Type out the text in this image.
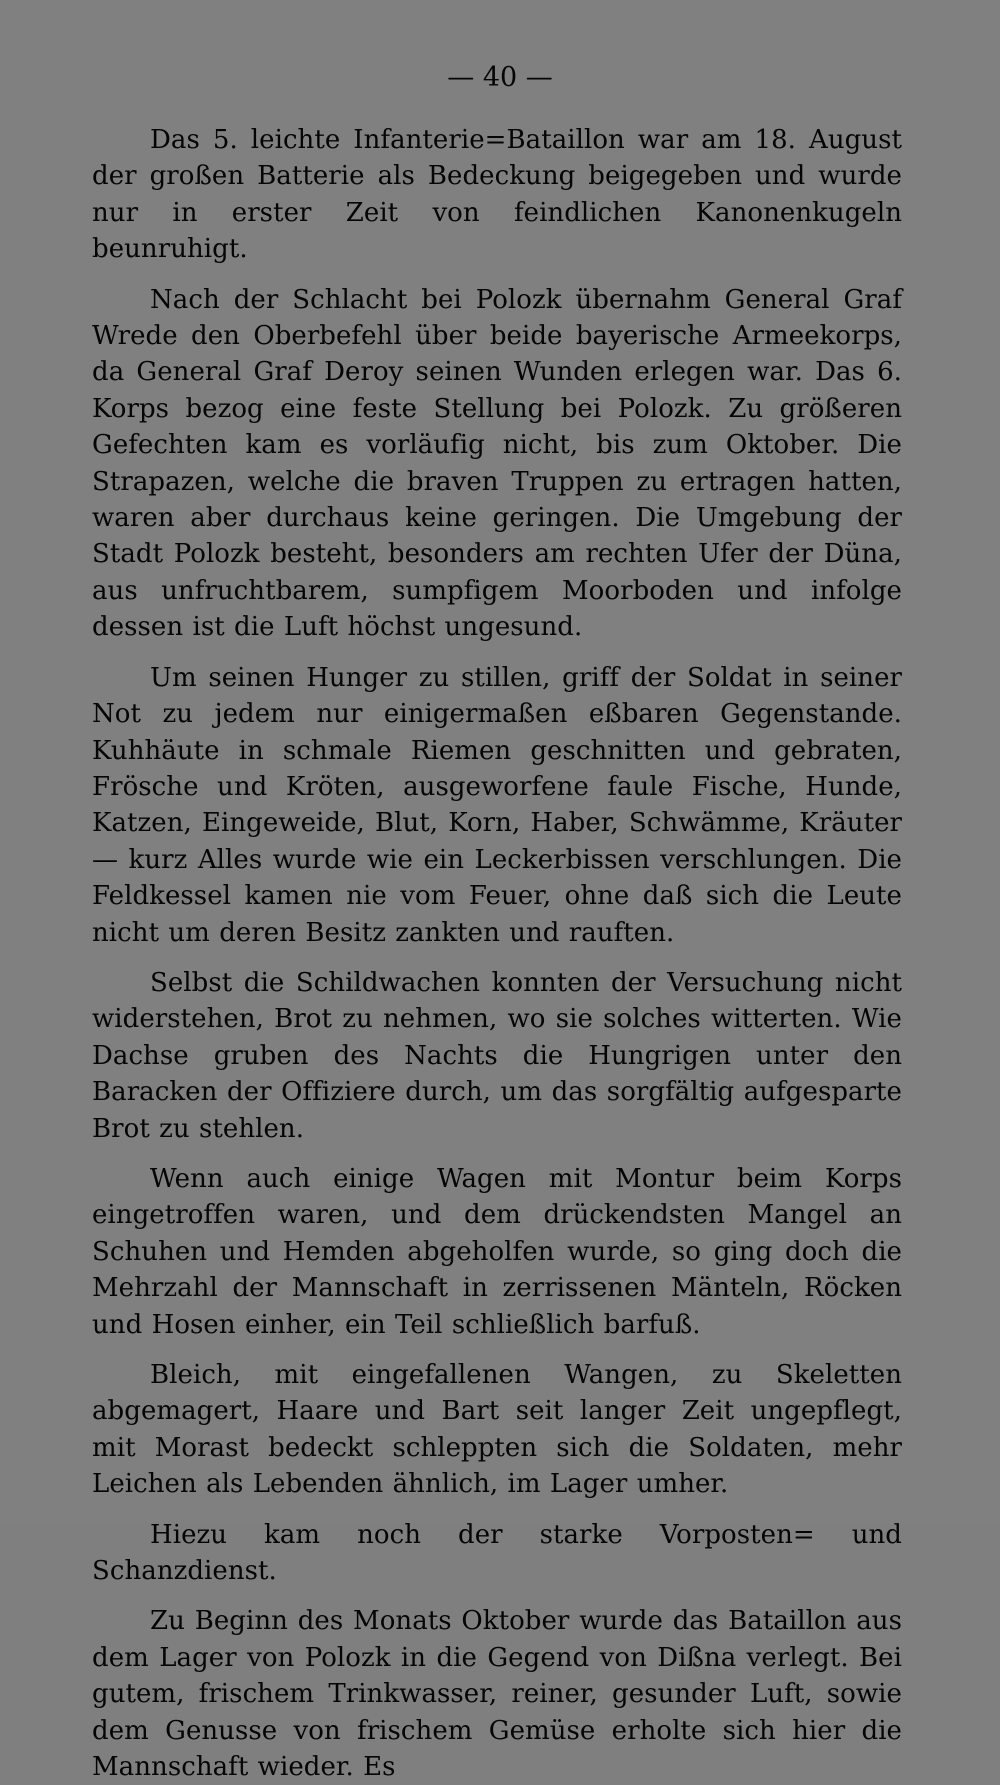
— 40 —

Das 5. leichte Infanterie=Bataillon war am 18. August der großen Batterie als Bedeckung beigegeben und wurde nur in erster Zeit von feindlichen Kanonenkugeln beunruhigt.

Nach der Schlacht bei Polozk übernahm General Graf Wrede den Oberbefehl über beide bayerische Armeekorps, da General Graf Deroy seinen Wunden erlegen war. Das 6. Korps bezog eine feste Stellung bei Polozk. Zu größeren Gefechten kam es vorläufig nicht, bis zum Oktober. Die Strapazen, welche die braven Truppen zu ertragen hatten, waren aber durchaus keine geringen. Die Umgebung der Stadt Polozk besteht, besonders am rechten Ufer der Düna, aus unfruchtbarem, sumpfigem Moorboden und infolge dessen ist die Luft höchst ungesund.

Um seinen Hunger zu stillen, griff der Soldat in seiner Not zu jedem nur einigermaßen eßbaren Gegenstande. Kuhhäute in schmale Riemen geschnitten und gebraten, Frösche und Kröten, ausgeworfene faule Fische, Hunde, Katzen, Eingeweide, Blut, Korn, Haber, Schwämme, Kräuter — kurz Alles wurde wie ein Leckerbissen verschlungen. Die Feldkessel kamen nie vom Feuer, ohne daß sich die Leute nicht um deren Besitz zankten und rauften.

Selbst die Schildwachen konnten der Versuchung nicht widerstehen, Brot zu nehmen, wo sie solches witterten. Wie Dachse gruben des Nachts die Hungrigen unter den Baracken der Offiziere durch, um das sorgfältig aufgesparte Brot zu stehlen.

Wenn auch einige Wagen mit Montur beim Korps eingetroffen waren, und dem drückendsten Mangel an Schuhen und Hemden abgeholfen wurde, so ging doch die Mehrzahl der Mannschaft in zerrissenen Mänteln, Röcken und Hosen einher, ein Teil schließlich barfuß.

Bleich, mit eingefallenen Wangen, zu Skeletten abgemagert, Haare und Bart seit langer Zeit ungepflegt, mit Morast bedeckt schleppten sich die Soldaten, mehr Leichen als Lebenden ähnlich, im Lager umher.

Hiezu kam noch der starke Vorposten= und Schanzdienst.

Zu Beginn des Monats Oktober wurde das Bataillon aus dem Lager von Polozk in die Gegend von Dißna verlegt. Bei gutem, frischem Trinkwasser, reiner, gesunder Luft, sowie dem Genusse von frischem Gemüse erholte sich hier die Mannschaft wieder. Es
